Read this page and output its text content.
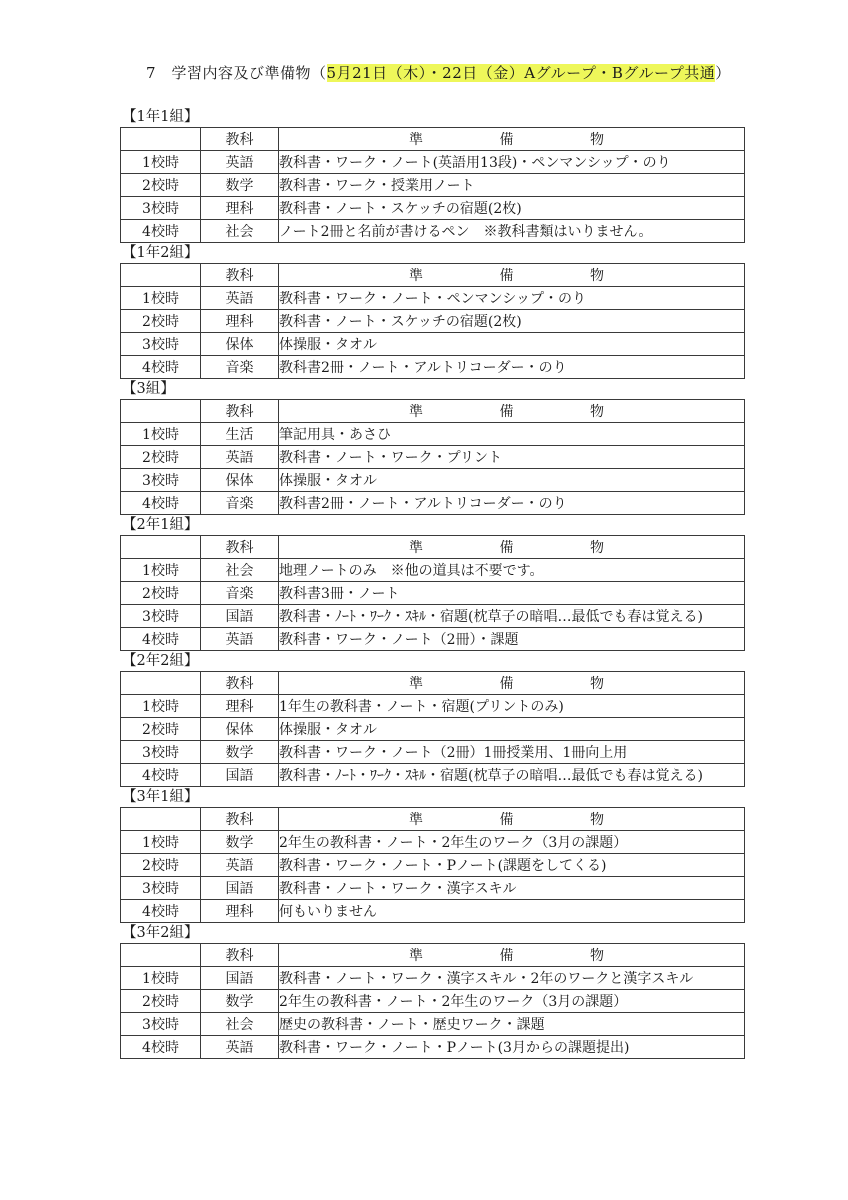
7　学習内容及び準備物（5月21日（木）・22日（金）Aグループ・Bグループ共通）
【1年1組】
	教科	準 備 物

1校時	英語	教科書・ワーク・ノート(英語用13段)・ペンマンシップ・のり
2校時	数学	教科書・ワーク・授業用ノート
3校時	理科	教科書・ノート・スケッチの宿題(2枚)
4校時	社会	ノート2冊と名前が書けるペン　※教科書類はいりません。
【1年2組】
	教科	準 備 物

1校時	英語	教科書・ワーク・ノート・ペンマンシップ・のり
2校時	理科	教科書・ノート・スケッチの宿題(2枚)
3校時	保体	体操服・タオル
4校時	音楽	教科書2冊・ノート・アルトリコーダー・のり
【3組】
	教科	準 備 物

1校時	生活	筆記用具・あさひ
2校時	英語	教科書・ノート・ワーク・プリント
3校時	保体	体操服・タオル
4校時	音楽	教科書2冊・ノート・アルトリコーダー・のり
【2年1組】
	教科	準 備 物

1校時	社会	地理ノートのみ　※他の道具は不要です。
2校時	音楽	教科書3冊・ノート
3校時	国語	教科書・ﾉｰﾄ・ﾜｰｸ・ｽｷﾙ・宿題(枕草子の暗唱…最低でも春は覚える)
4校時	英語	教科書・ワーク・ノート（2冊）・課題
【2年2組】
	教科	準 備 物

1校時	理科	1年生の教科書・ノート・宿題(プリントのみ)
2校時	保体	体操服・タオル
3校時	数学	教科書・ワーク・ノート（2冊）1冊授業用、1冊向上用
4校時	国語	教科書・ﾉｰﾄ・ﾜｰｸ・ｽｷﾙ・宿題(枕草子の暗唱…最低でも春は覚える)
【3年1組】
	教科	準 備 物

1校時	数学	2年生の教科書・ノート・2年生のワーク（3月の課題）
2校時	英語	教科書・ワーク・ノート・Pノート(課題をしてくる)
3校時	国語	教科書・ノート・ワーク・漢字スキル
4校時	理科	何もいりません
【3年2組】
	教科	準 備 物

1校時	国語	教科書・ノート・ワーク・漢字スキル・2年のワークと漢字スキル
2校時	数学	2年生の教科書・ノート・2年生のワーク（3月の課題）
3校時	社会	歴史の教科書・ノート・歴史ワーク・課題
4校時	英語	教科書・ワーク・ノート・Pノート(3月からの課題提出)
